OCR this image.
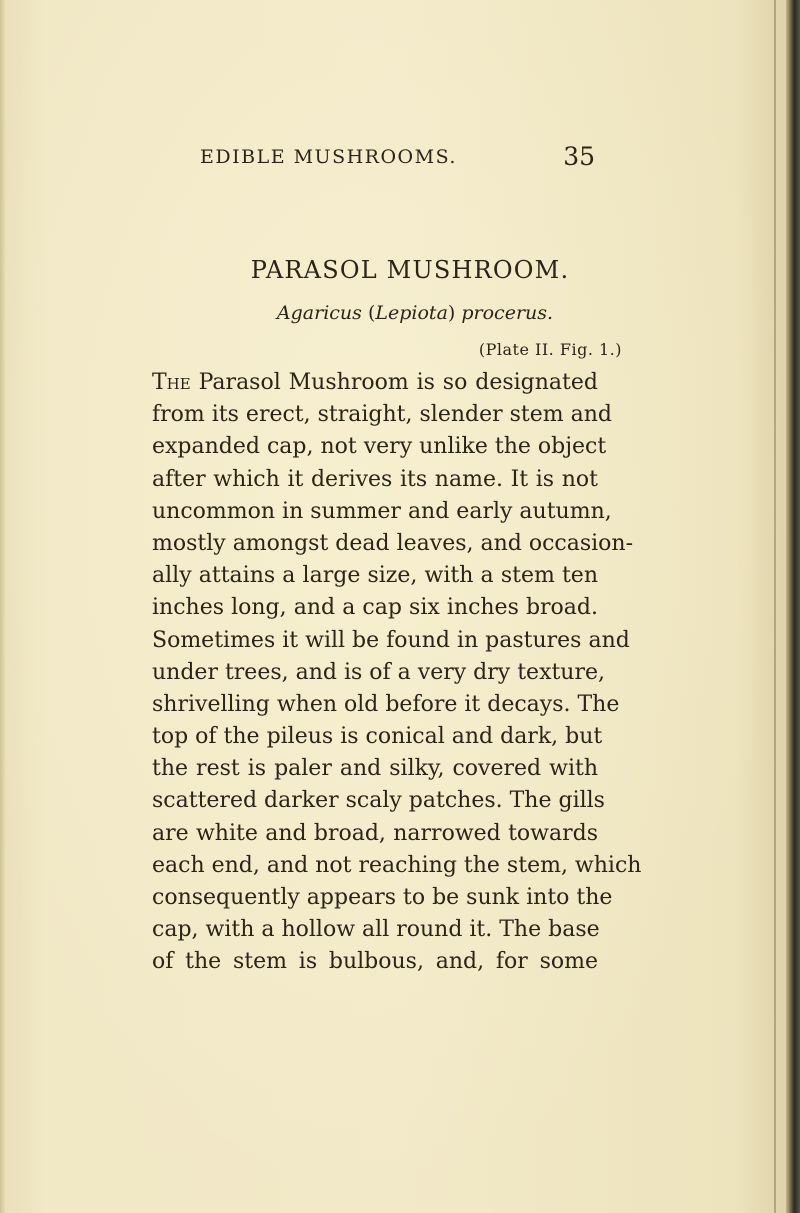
EDIBLE MUSHROOMS.	35
PARASOL MUSHROOM.
Agaricus (Lepiota) procerus.
(Plate II. Fig. 1.)
The Parasol Mushroom is so designated
from its erect, straight, slender stem and
expanded cap, not very unlike the object
after which it derives its name. It is not
uncommon in summer and early autumn,
mostly amongst dead leaves, and occasion-
ally attains a large size, with a stem ten
inches long, and a cap six inches broad.
Sometimes it will be found in pastures and
under trees, and is of a very dry texture,
shrivelling when old before it decays. The
top of the pileus is conical and dark, but
the rest is paler and silky, covered with
scattered darker scaly patches. The gills
are white and broad, narrowed towards
each end, and not reaching the stem, which
consequently appears to be sunk into the
cap, with a hollow all round it. The base
of the stem is bulbous, and, for some
